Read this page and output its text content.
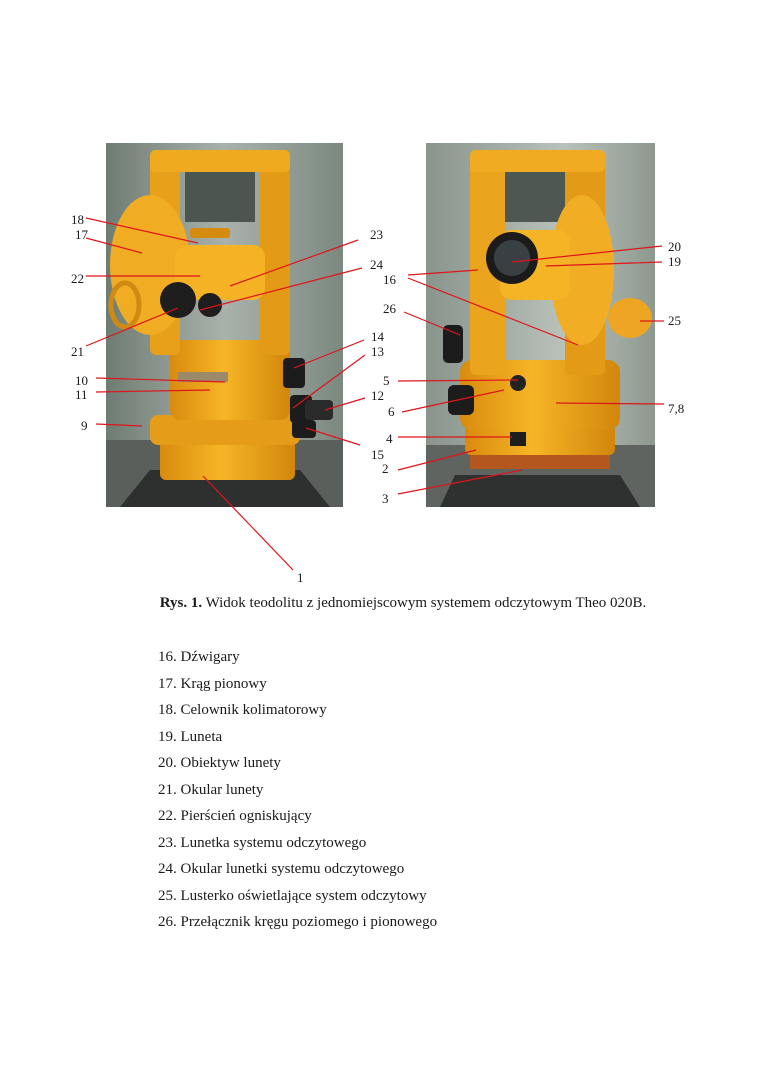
18
17
22
21
10
11
9
23
24
14
13
12
15
1
16
26
5
6
4
2
3
20
19
25
7,8
Rys. 1. Widok teodolitu z jednomiejscowym systemem odczytowym Theo 020B.
16. Dźwigary
17. Krąg pionowy
18. Celownik kolimatorowy
19. Luneta
20. Obiektyw lunety
21. Okular lunety
22. Pierścień ogniskujący
23. Lunetka systemu odczytowego
24. Okular lunetki systemu odczytowego
25. Lusterko oświetlające system odczytowy
26. Przełącznik kręgu poziomego i pionowego
